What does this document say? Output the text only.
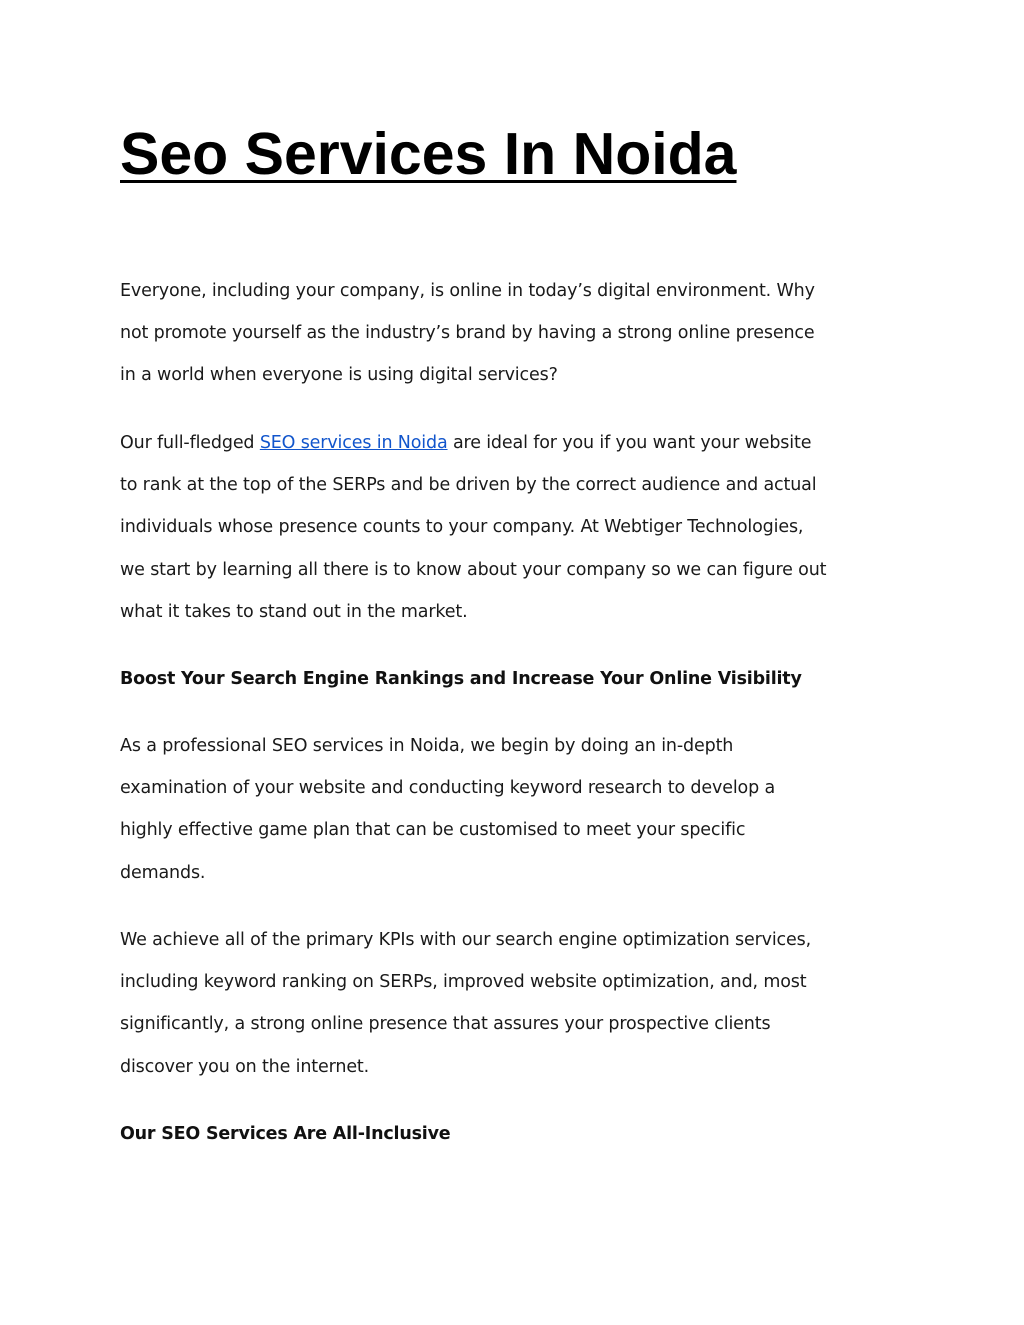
Seo Services In Noida

Everyone, including your company, is online in today’s digital environment. Why
not promote yourself as the industry’s brand by having a strong online presence
in a world when everyone is using digital services?

Our full-fledged SEO services in Noida are ideal for you if you want your website
to rank at the top of the SERPs and be driven by the correct audience and actual
individuals whose presence counts to your company. At Webtiger Technologies,
we start by learning all there is to know about your company so we can figure out
what it takes to stand out in the market.

Boost Your Search Engine Rankings and Increase Your Online Visibility

As a professional SEO services in Noida, we begin by doing an in-depth
examination of your website and conducting keyword research to develop a
highly effective game plan that can be customised to meet your specific
demands.

We achieve all of the primary KPIs with our search engine optimization services,
including keyword ranking on SERPs, improved website optimization, and, most
significantly, a strong online presence that assures your prospective clients
discover you on the internet.

Our SEO Services Are All-Inclusive
